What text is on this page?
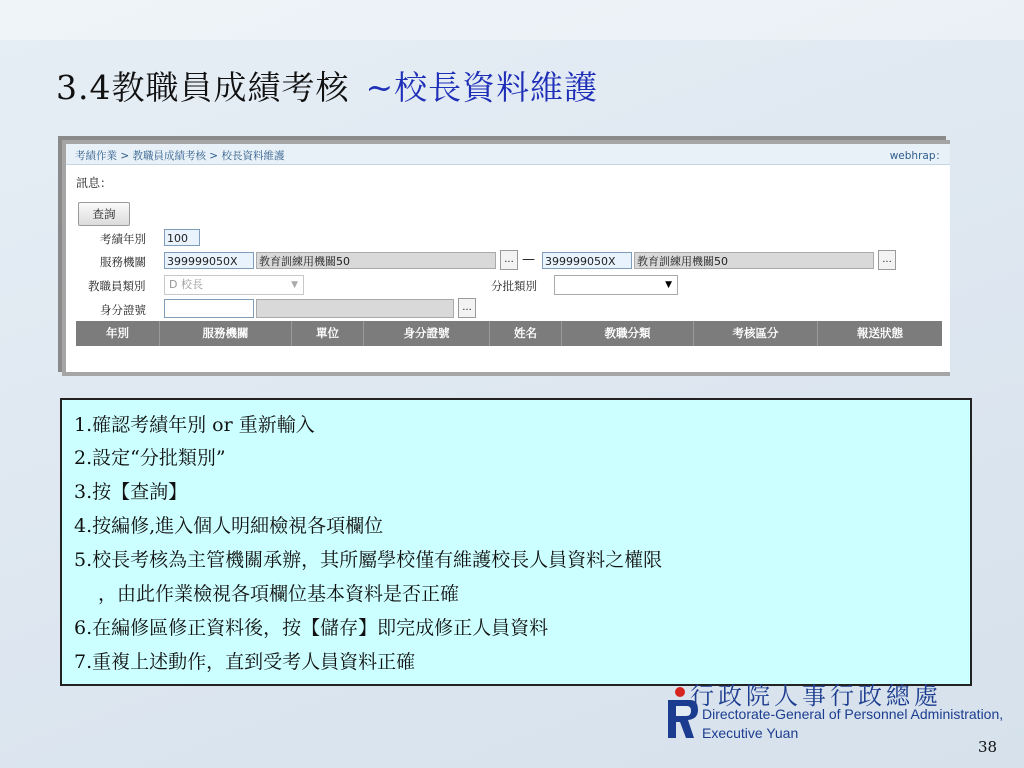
3.4教職員成績考核 ~校長資料維護
考績作業 > 教職員成績考核 > 校長資料維護	webhrap：
訊息：
查詢
考績年別 100
服務機關 399999050X	教育訓練用機關50	... — 399999050X	教育訓練用機關50	...
教職員類別	D 校長	▼	分批類別	▼
身分證號	...
年別	服務機關	單位	身分證號	姓名	教職分類	考核區分	報送狀態
1.確認考績年別 or 重新輸入
2.設定“分批類別”
3.按【查詢】
4.按編修,進入個人明細檢視各項欄位
5.校長考核為主管機關承辦，其所屬學校僅有維護校長人員資料之權限
，由此作業檢視各項欄位基本資料是否正確
6.在編修區修正資料後，按【儲存】即完成修正人員資料
7.重複上述動作，直到受考人員資料正確
行政院人事行政總處
Directorate-General of Personnel Administration,
Executive Yuan
38
